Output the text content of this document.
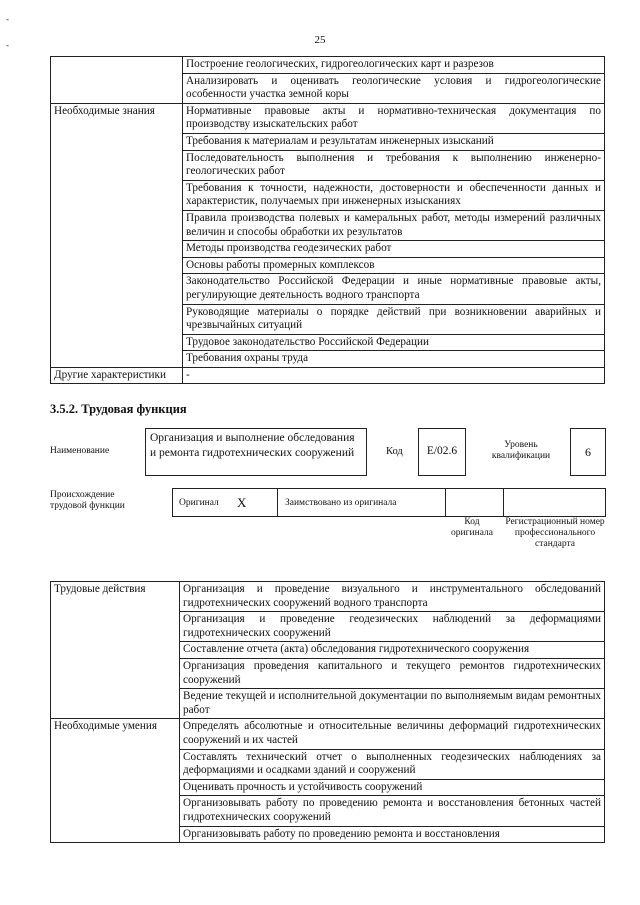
25
-
-
	Построение геологических, гидрогеологических карт и разрезов
	Анализировать и оценивать геологические условия и гидрогеологические особенности участка земной коры
Необходимые знания	Нормативные правовые акты и нормативно-техническая документация по производству изыскательских работ
	Требования к материалам и результатам инженерных изысканий
	Последовательность выполнения и требования к выполнению инженерно-геологических работ
	Требования к точности, надежности, достоверности и обеспеченности данных и характеристик, получаемых при инженерных изысканиях
	Правила производства полевых и камеральных работ, методы измерений различных величин и способы обработки их результатов
	Методы производства геодезических работ
	Основы работы промерных комплексов
	Законодательство Российской Федерации и иные нормативные правовые акты, регулирующие деятельность водного транспорта
	Руководящие материалы о порядке действий при возникновении аварийных и чрезвычайных ситуаций
	Трудовое законодательство Российской Федерации
	Требования охраны труда
Другие характеристики	-
3.5.2. Трудовая функция
Наименование
Организация и выполнение обследования и ремонта гидротехнических сооружений	Код	E/02.6	Уровень квалификации	6
Происхождение трудовой функции	Оригинал X	Заимствовано из оригинала
Код оригинала
Регистрационный номер профессионального стандарта
Трудовые действия	Организация и проведение визуального и инструментального обследований гидротехнических сооружений водного транспорта
	Организация и проведение геодезических наблюдений за деформациями гидротехнических сооружений
	Составление отчета (акта) обследования гидротехнического сооружения
	Организация проведения капитального и текущего ремонтов гидротехнических сооружений
	Ведение текущей и исполнительной документации по выполняемым видам ремонтных работ
Необходимые умения	Определять абсолютные и относительные величины деформаций гидротехнических сооружений и их частей
	Составлять технический отчет о выполненных геодезических наблюдениях за деформациями и осадками зданий и сооружений
	Оценивать прочность и устойчивость сооружений
	Организовывать работу по проведению ремонта и восстановления бетонных частей гидротехнических сооружений
	Организовывать работу по проведению ремонта и восстановления
